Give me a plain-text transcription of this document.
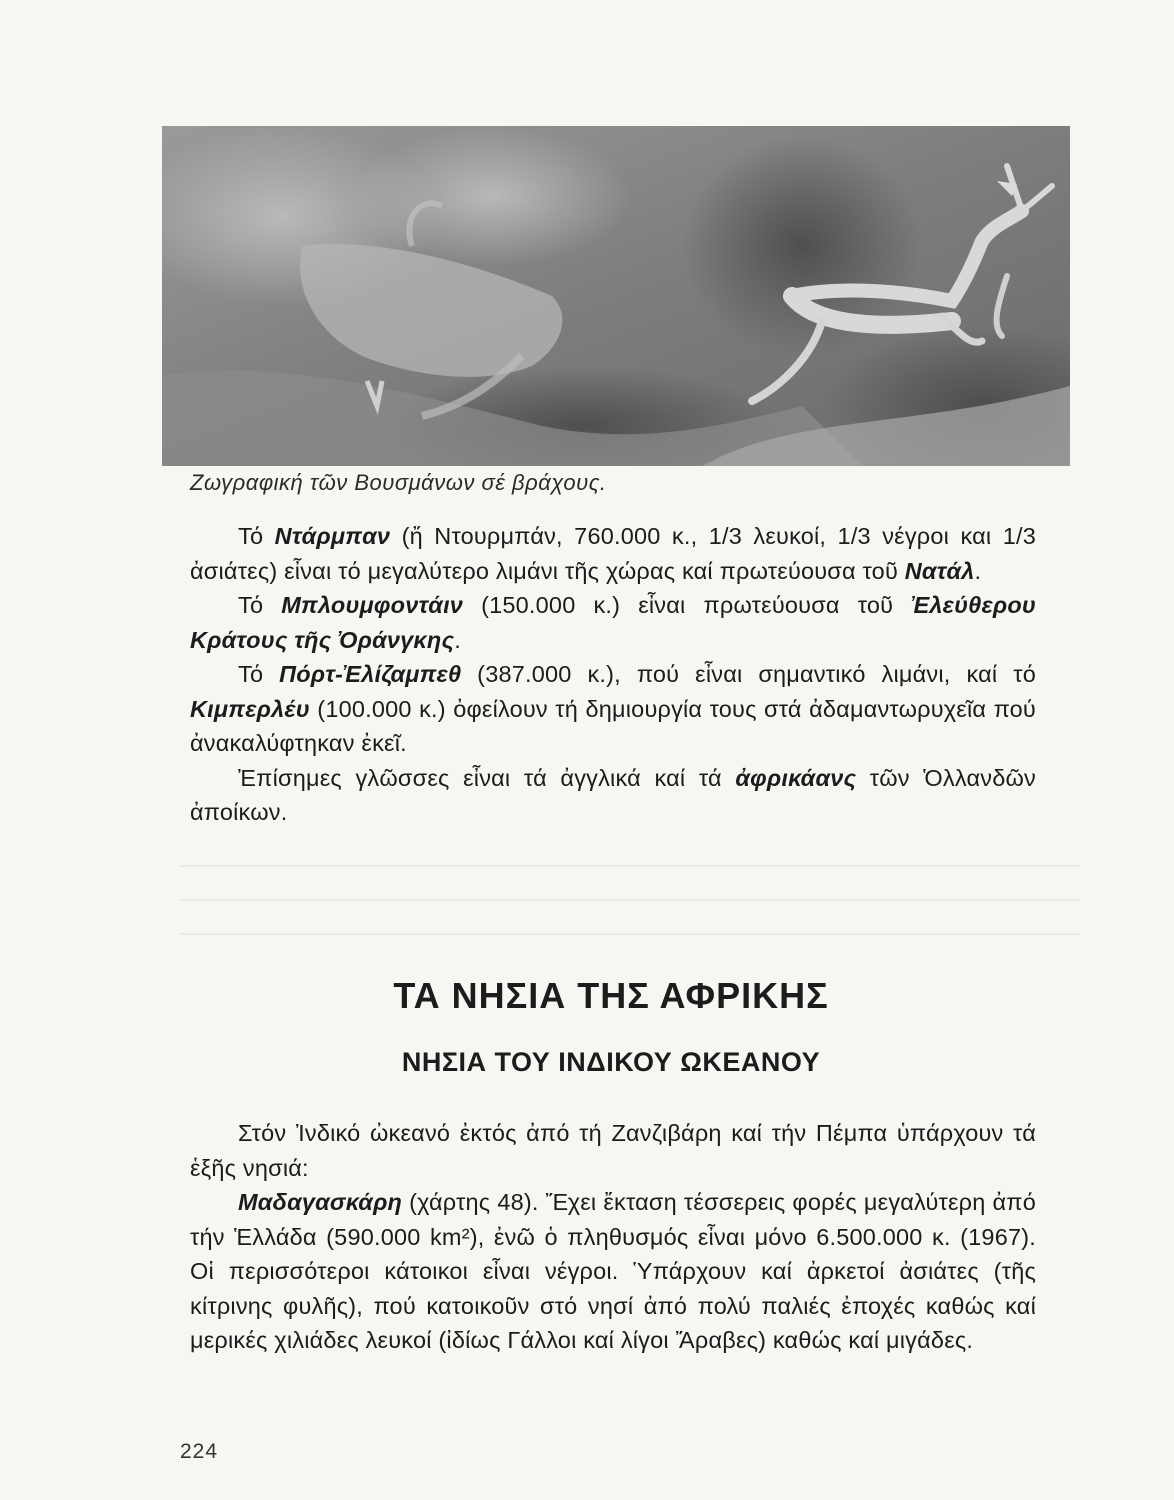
Ζωγραφική τῶν Βουσμάνων σέ βράχους.

Τό Ντάρμπαν (ἤ Ντουρμπάν, 760.000 κ., 1/3 λευκοί, 1/3 νέγροι και 1/3 ἀσιάτες) εἶναι τό μεγαλύτερο λιμάνι τῆς χώρας καί πρωτεύουσα τοῦ Νατάλ.

Τό Μπλουμφοντάιν (150.000 κ.) εἶναι πρωτεύουσα τοῦ Ἐλεύθερου Κράτους τῆς Ὀράνγκης.

Τό Πόρτ-Ἐλίζαμπεθ (387.000 κ.), πού εἶναι σημαντικό λιμάνι, καί τό Κιμπερλέυ (100.000 κ.) ὀφείλουν τή δημιουργία τους στά ἀδαμαντωρυχεῖα πού ἀνακαλύφτηκαν ἐκεῖ.

Ἐπίσημες γλῶσσες εἶναι τά ἀγγλικά καί τά ἀφρικάανς τῶν Ὁλλανδῶν ἀποίκων.

ΤΑ ΝΗΣΙΑ ΤΗΣ ΑΦΡΙΚΗΣ
ΝΗΣΙΑ ΤΟΥ ΙΝΔΙΚΟΥ ΩΚΕΑΝΟΥ

Στόν Ἰνδικό ὠκεανό ἐκτός ἀπό τή Ζανζιβάρη καί τήν Πέμπα ὑπάρχουν τά ἑξῆς νησιά:

Μαδαγασκάρη (χάρτης 48). Ἔχει ἔκταση τέσσερεις φορές μεγαλύτερη ἀπό τήν Ἑλλάδα (590.000 km²), ἐνῶ ὁ πληθυσμός εἶναι μόνο 6.500.000 κ. (1967). Οἱ περισσότεροι κάτοικοι εἶναι νέγροι. Ὑπάρχουν καί ἀρκετοί ἀσιάτες (τῆς κίτρινης φυλῆς), πού κατοικοῦν στό νησί ἀπό πολύ παλιές ἐποχές καθώς καί μερικές χιλιάδες λευκοί (ἰδίως Γάλλοι καί λίγοι Ἄραβες) καθώς καί μιγάδες.

224
